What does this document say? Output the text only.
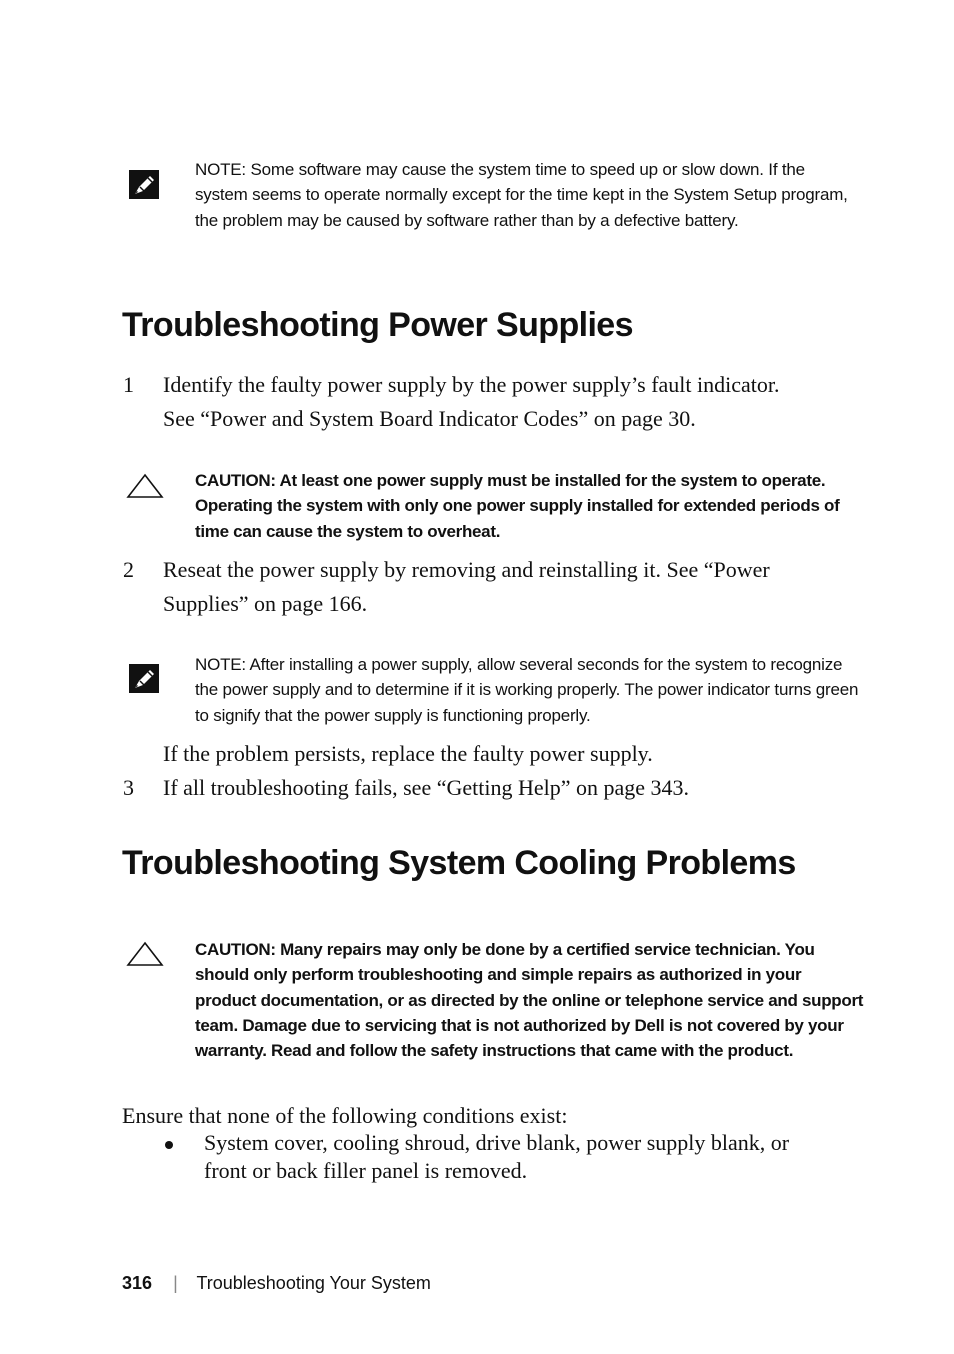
NOTE: Some software may cause the system time to speed up or slow down. If the system seems to operate normally except for the time kept in the System Setup program, the problem may be caused by software rather than by a defective battery.
Troubleshooting Power Supplies
1 Identify the faulty power supply by the power supply’s fault indicator.
See “Power and System Board Indicator Codes” on page 30.
CAUTION: At least one power supply must be installed for the system to operate. Operating the system with only one power supply installed for extended periods of time can cause the system to overheat.
2 Reseat the power supply by removing and reinstalling it. See “Power
Supplies” on page 166.
NOTE: After installing a power supply, allow several seconds for the system to recognize the power supply and to determine if it is working properly. The power indicator turns green to signify that the power supply is functioning properly.
If the problem persists, replace the faulty power supply.
3 If all troubleshooting fails, see “Getting Help” on page 343.
Troubleshooting System Cooling Problems
CAUTION: Many repairs may only be done by a certified service technician. You should only perform troubleshooting and simple repairs as authorized in your product documentation, or as directed by the online or telephone service and support team. Damage due to servicing that is not authorized by Dell is not covered by your warranty. Read and follow the safety instructions that came with the product.
Ensure that none of the following conditions exist:
System cover, cooling shroud, drive blank, power supply blank, or
front or back filler panel is removed.
316 | Troubleshooting Your System
